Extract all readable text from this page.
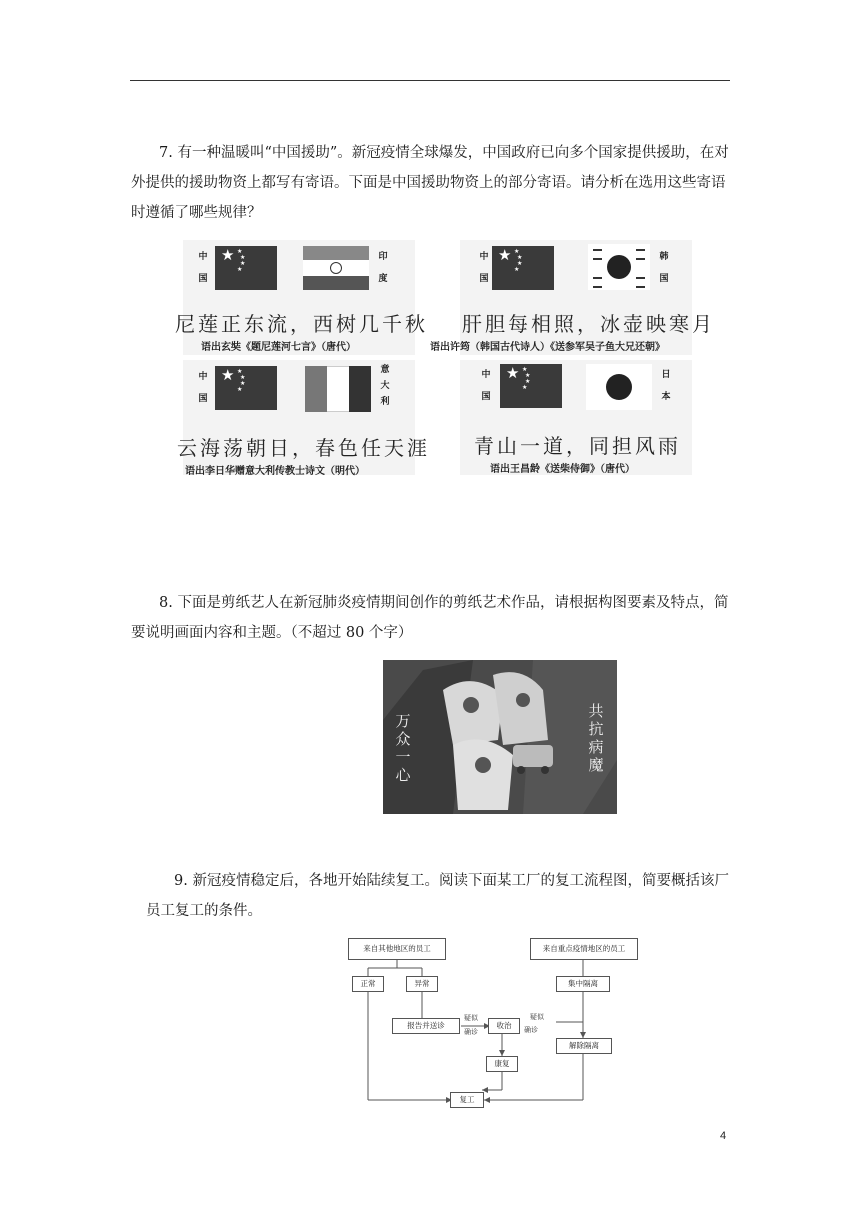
7. 有一种温暖叫“中国援助”。新冠疫情全球爆发，中国政府已向多个国家提供援助，在对外提供的援助物资上都写有寄语。下面是中国援助物资上的部分寄语。请分析在选用这些寄语时遵循了哪些规律？

★ ★
★
★
★
中国
印度
尼莲正东流，西树几千秋
语出玄奘《题尼莲河七言》（唐代）
★ ★
★
★
★
中国
韩国
肝胆每相照，冰壶映寒月
语出许筠（韩国古代诗人）《送参军吴子鱼大兄还朝》
★ ★
★
★
★
中国
意大利
云海荡朝日，春色任天涯
语出李日华赠意大利传教士诗文（明代）
★ ★
★
★
★
中国
日本
青山一道，同担风雨
语出王昌龄《送柴侍御》（唐代）

8. 下面是剪纸艺人在新冠肺炎疫情期间创作的剪纸艺术作品，请根据构图要素及特点，简要说明画面内容和主题。（不超过 80 个字）

万众一心
共抗病魔

9. 新冠疫情稳定后，各地开始陆续复工。阅读下面某工厂的复工流程图，简要概括该厂员工复工的条件。

来自其他地区的员工	来自重点疫情地区的员工
正常	异常	集中隔离
报告并送诊	收治
解除隔离
康复
复工
疑似
确诊
疑似
确诊
4
